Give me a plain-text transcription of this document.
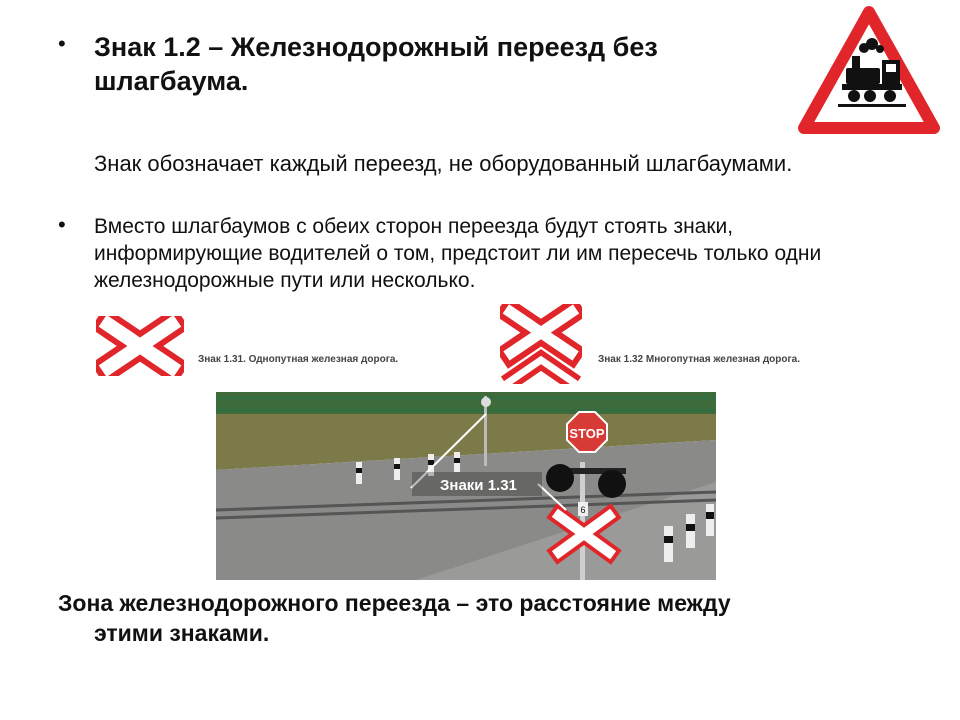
• Знак 1.2 – Железнодорожный переезд без шлагбаума.
Знак обозначает каждый переезд, не оборудованный шлагбаумами.
• Вместо шлагбаумов с обеих сторон переезда будут стоять знаки, информирующие водителей о том, предстоит ли им пересечь только одни железнодорожные пути или несколько.
Знак 1.31. Однопутная железная дорога.	Знак 1.32 Многопутная железная дорога.
STOP
6
Знаки 1.31
Зона железнодорожного переезда – это расстояние между
этими знаками.
